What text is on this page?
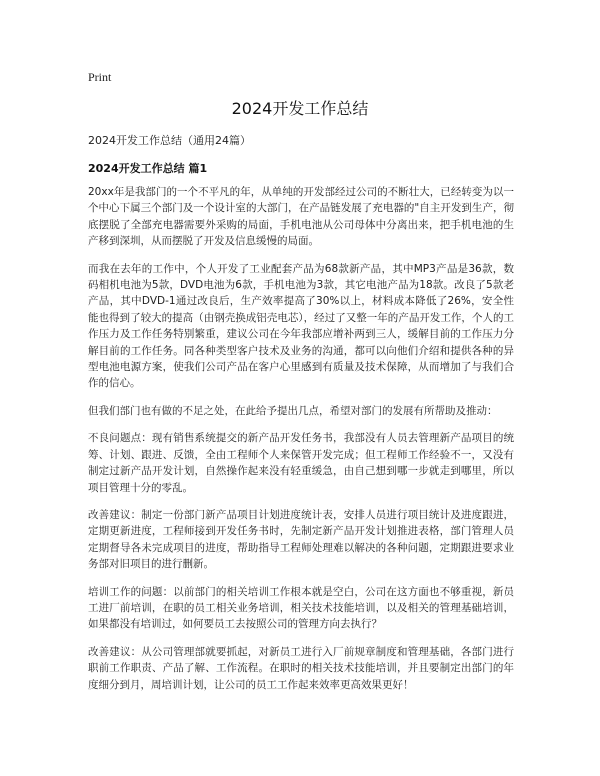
Print
2024开发工作总结
2024开发工作总结（通用24篇）
2024开发工作总结 篇1

20xx年是我部门的一个不平凡的年，从单纯的开发部经过公司的不断壮大，已经转变为以一个中心下属三个部门及一个设计室的大部门，在产品链发展了充电器的"自主开发到生产，彻底摆脱了全部充电器需要外采购的局面，手机电池从公司母体中分离出来，把手机电池的生产移到深圳，从而摆脱了开发及信息缓慢的局面。

而我在去年的工作中，个人开发了工业配套产品为68款新产品，其中MP3产品是36款，数码相机电池为5款，DVD电池为6款，手机电池为3款，其它电池产品为18款。改良了5款老产品，其中DVD-1通过改良后，生产效率提高了30%以上，材料成本降低了26%，安全性能也得到了较大的提高（由钢壳换成铝壳电芯），经过了又整一年的产品开发工作，个人的工作压力及工作任务特别繁重，建议公司在今年我部应增补两到三人，缓解目前的工作压力分解目前的工作任务。同各种类型客户技术及业务的沟通，都可以向他们介绍和提供各种的异型电池电源方案，使我们公司产品在客户心里感到有质量及技术保障，从而增加了与我们合作的信心。

但我们部门也有做的不足之处，在此给予提出几点，希望对部门的发展有所帮助及推动：

不良问题点：现有销售系统提交的新产品开发任务书，我部没有人员去管理新产品项目的统筹、计划、跟进、反馈，全由工程师个人来保管开发完成；但工程师工作经验不一，又没有制定过新产品开发计划，自然操作起来没有轻重缓急，由自己想到哪一步就走到哪里，所以项目管理十分的零乱。

改善建议：制定一份部门新产品项目计划进度统计表，安排人员进行项目统计及进度跟进，定期更新进度，工程师接到开发任务书时，先制定新产品开发计划推进表格，部门管理人员定期督导各未完成项目的进度，帮助指导工程师处理难以解决的各种问题，定期跟进要求业务部对旧项目的进行删新。

培训工作的问题：以前部门的相关培训工作根本就是空白，公司在这方面也不够重视，新员工进厂前培训，在职的员工相关业务培训，相关技术技能培训，以及相关的管理基础培训，如果都没有培训过，如何要员工去按照公司的管理方向去执行？

改善建议：从公司管理部就要抓起，对新员工进行入厂前规章制度和管理基础，各部门进行职前工作职责、产品了解、工作流程。在职时的相关技术技能培训，并且要制定出部门的年度细分到月，周培训计划，让公司的员工工作起来效率更高效果更好！
